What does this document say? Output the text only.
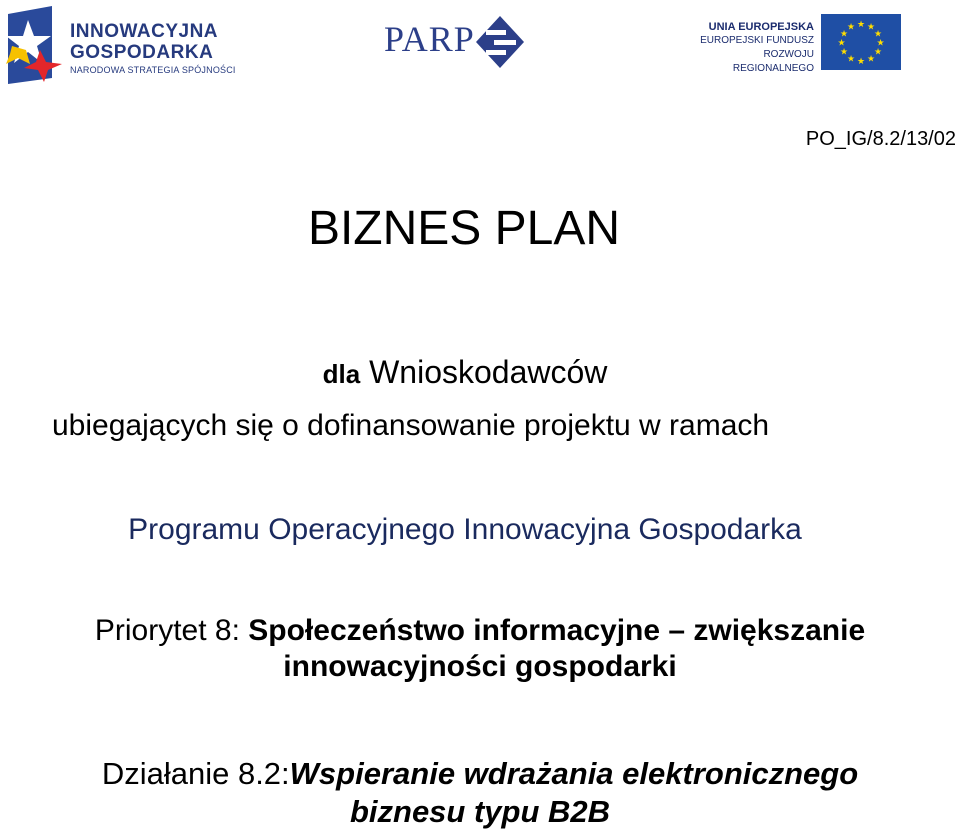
INNOWACYJNA
GOSPODARKA
NARODOWA STRATEGIA SPÓJNOŚCI
PARP	UNIA EUROPEJSKA
EUROPEJSKI FUNDUSZ
ROZWOJU REGIONALNEGO
★ ★
★
★
★
★
★
★
★
★
★
★
PO_IG/8.2/13/02
BIZNES PLAN
dla Wnioskodawców
ubiegających się o dofinansowanie projektu w ramach
Programu Operacyjnego Innowacyjna Gospodarka
Priorytet 8: Społeczeństwo informacyjne – zwiększanie
innowacyjności gospodarki
Działanie 8.2:Wspieranie wdrażania elektronicznego
biznesu typu B2B
